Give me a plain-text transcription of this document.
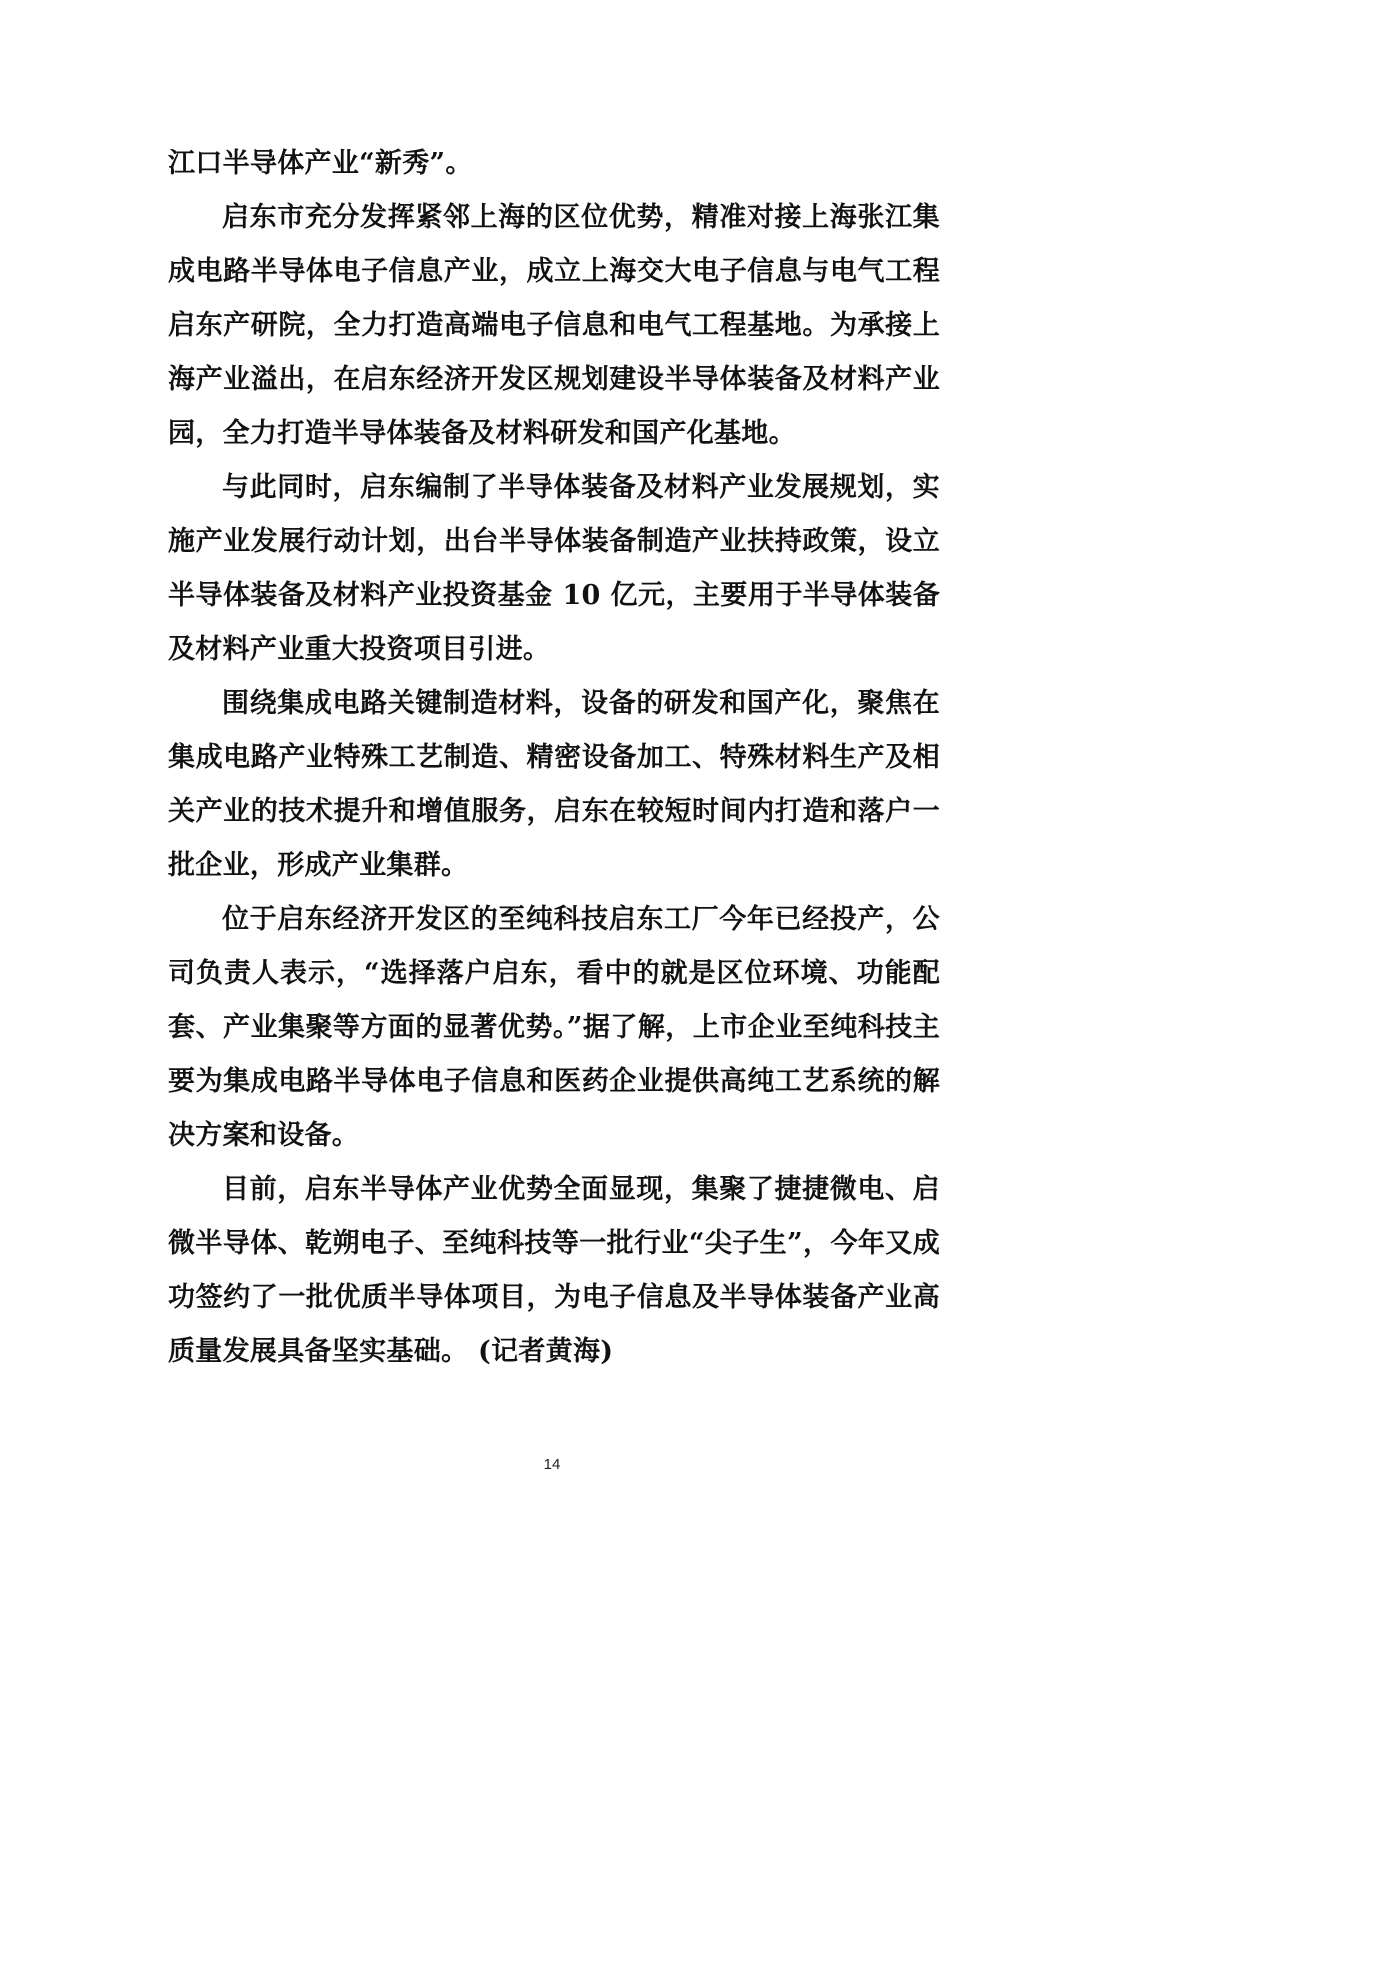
江口半导体产业“新秀”。

启东市充分发挥紧邻上海的区位优势，精准对接上海张江集成电路半导体电子信息产业，成立上海交大电子信息与电气工程启东产研院，全力打造高端电子信息和电气工程基地。为承接上海产业溢出，在启东经济开发区规划建设半导体装备及材料产业园，全力打造半导体装备及材料研发和国产化基地。

与此同时，启东编制了半导体装备及材料产业发展规划，实施产业发展行动计划，出台半导体装备制造产业扶持政策，设立半导体装备及材料产业投资基金 10 亿元，主要用于半导体装备及材料产业重大投资项目引进。

围绕集成电路关键制造材料，设备的研发和国产化，聚焦在集成电路产业特殊工艺制造、精密设备加工、特殊材料生产及相关产业的技术提升和增值服务，启东在较短时间内打造和落户一批企业，形成产业集群。

位于启东经济开发区的至纯科技启东工厂今年已经投产，公司负责人表示，“选择落户启东，看中的就是区位环境、功能配套、产业集聚等方面的显著优势。”据了解，上市企业至纯科技主要为集成电路半导体电子信息和医药企业提供高纯工艺系统的解决方案和设备。

目前，启东半导体产业优势全面显现，集聚了捷捷微电、启微半导体、乾朔电子、至纯科技等一批行业“尖子生”，今年又成功签约了一批优质半导体项目，为电子信息及半导体装备产业高质量发展具备坚实基础。 (记者黄海)

14
